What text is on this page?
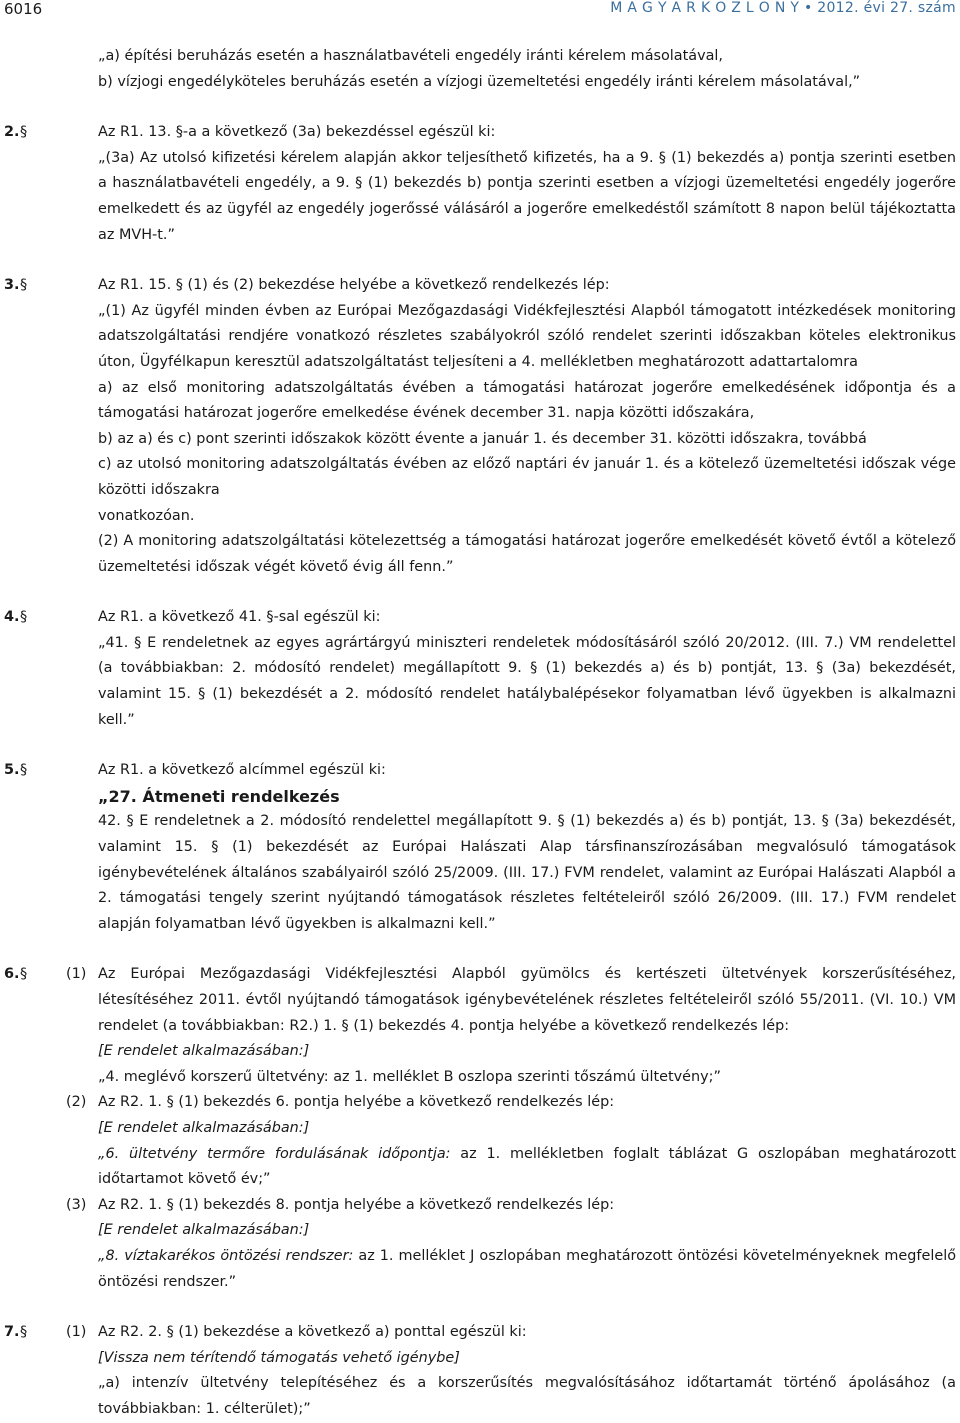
6016	M A G Y A R K Ö Z L Ö N Y • 2012. évi 27. szám
„a) építési beruházás esetén a használatbavételi engedély iránti kérelem másolatával,
b) vízjogi engedélyköteles beruházás esetén a vízjogi üzemeltetési engedély iránti kérelem másolatával,”
2. §	Az R1. 13. §-a a következő (3a) bekezdéssel egészül ki:
„(3a) Az utolsó kifizetési kérelem alapján akkor teljesíthető kifizetés, ha a 9. § (1) bekezdés a) pontja szerinti esetben a használatbavételi engedély, a 9. § (1) bekezdés b) pontja szerinti esetben a vízjogi üzemeltetési engedély jogerőre emelkedett és az ügyfél az engedély jogerőssé válásáról a jogerőre emelkedéstől számított 8 napon belül tájékoztatta az MVH-t.”
3. §	Az R1. 15. § (1) és (2) bekezdése helyébe a következő rendelkezés lép:
„(1) Az ügyfél minden évben az Európai Mezőgazdasági Vidékfejlesztési Alapból támogatott intézkedések monitoring adatszolgáltatási rendjére vonatkozó részletes szabályokról szóló rendelet szerinti időszakban köteles elektronikus úton, Ügyfélkapun keresztül adatszolgáltatást teljesíteni a 4. mellékletben meghatározott adattartalomra
a) az első monitoring adatszolgáltatás évében a támogatási határozat jogerőre emelkedésének időpontja és a támogatási határozat jogerőre emelkedése évének december 31. napja közötti időszakára,
b) az a) és c) pont szerinti időszakok között évente a január 1. és december 31. közötti időszakra, továbbá
c) az utolsó monitoring adatszolgáltatás évében az előző naptári év január 1. és a kötelező üzemeltetési időszak vége közötti időszakra
vonatkozóan.
(2) A monitoring adatszolgáltatási kötelezettség a támogatási határozat jogerőre emelkedését követő évtől a kötelező üzemeltetési időszak végét követő évig áll fenn.”
4. §	Az R1. a következő 41. §-sal egészül ki:
„41. § E rendeletnek az egyes agrártárgyú miniszteri rendeletek módosításáról szóló 20/2012. (III. 7.) VM rendelettel (a továbbiakban: 2. módosító rendelet) megállapított 9. § (1) bekezdés a) és b) pontját, 13. § (3a) bekezdését, valamint 15. § (1) bekezdését a 2. módosító rendelet hatálybalépésekor folyamatban lévő ügyekben is alkalmazni kell.”
5. §	Az R1. a következő alcímmel egészül ki:
„27. Átmeneti rendelkezés
42. § E rendeletnek a 2. módosító rendelettel megállapított 9. § (1) bekezdés a) és b) pontját, 13. § (3a) bekezdését, valamint 15. § (1) bekezdését az Európai Halászati Alap társfinanszírozásában megvalósuló támogatások igénybevételének általános szabályairól szóló 25/2009. (III. 17.) FVM rendelet, valamint az Európai Halászati Alapból a 2. támogatási tengely szerint nyújtandó támogatások részletes feltételeiről szóló 26/2009. (III. 17.) FVM rendelet alapján folyamatban lévő ügyekben is alkalmazni kell.”
6. §	(1) Az Európai Mezőgazdasági Vidékfejlesztési Alapból gyümölcs és kertészeti ültetvények korszerűsítéséhez, létesítéséhez 2011. évtől nyújtandó támogatások igénybevételének részletes feltételeiről szóló 55/2011. (VI. 10.) VM rendelet (a továbbiakban: R2.) 1. § (1) bekezdés 4. pontja helyébe a következő rendelkezés lép:
[E rendelet alkalmazásában:]
„4. meglévő korszerű ültetvény: az 1. melléklet B oszlopa szerinti tőszámú ültetvény;”
(2) Az R2. 1. § (1) bekezdés 6. pontja helyébe a következő rendelkezés lép:
[E rendelet alkalmazásában:]
„6. ültetvény termőre fordulásának időpontja: az 1. mellékletben foglalt táblázat G oszlopában meghatározott időtartamot követő év;”
(3) Az R2. 1. § (1) bekezdés 8. pontja helyébe a következő rendelkezés lép:
[E rendelet alkalmazásában:]
„8. víztakarékos öntözési rendszer: az 1. melléklet J oszlopában meghatározott öntözési követelményeknek megfelelő öntözési rendszer.”
7. §	(1) Az R2. 2. § (1) bekezdése a következő a) ponttal egészül ki:
[Vissza nem térítendő támogatás vehető igénybe]
„a) intenzív ültetvény telepítéséhez és a korszerűsítés megvalósításához időtartamát történő ápolásához (a továbbiakban: 1. célterület);”
